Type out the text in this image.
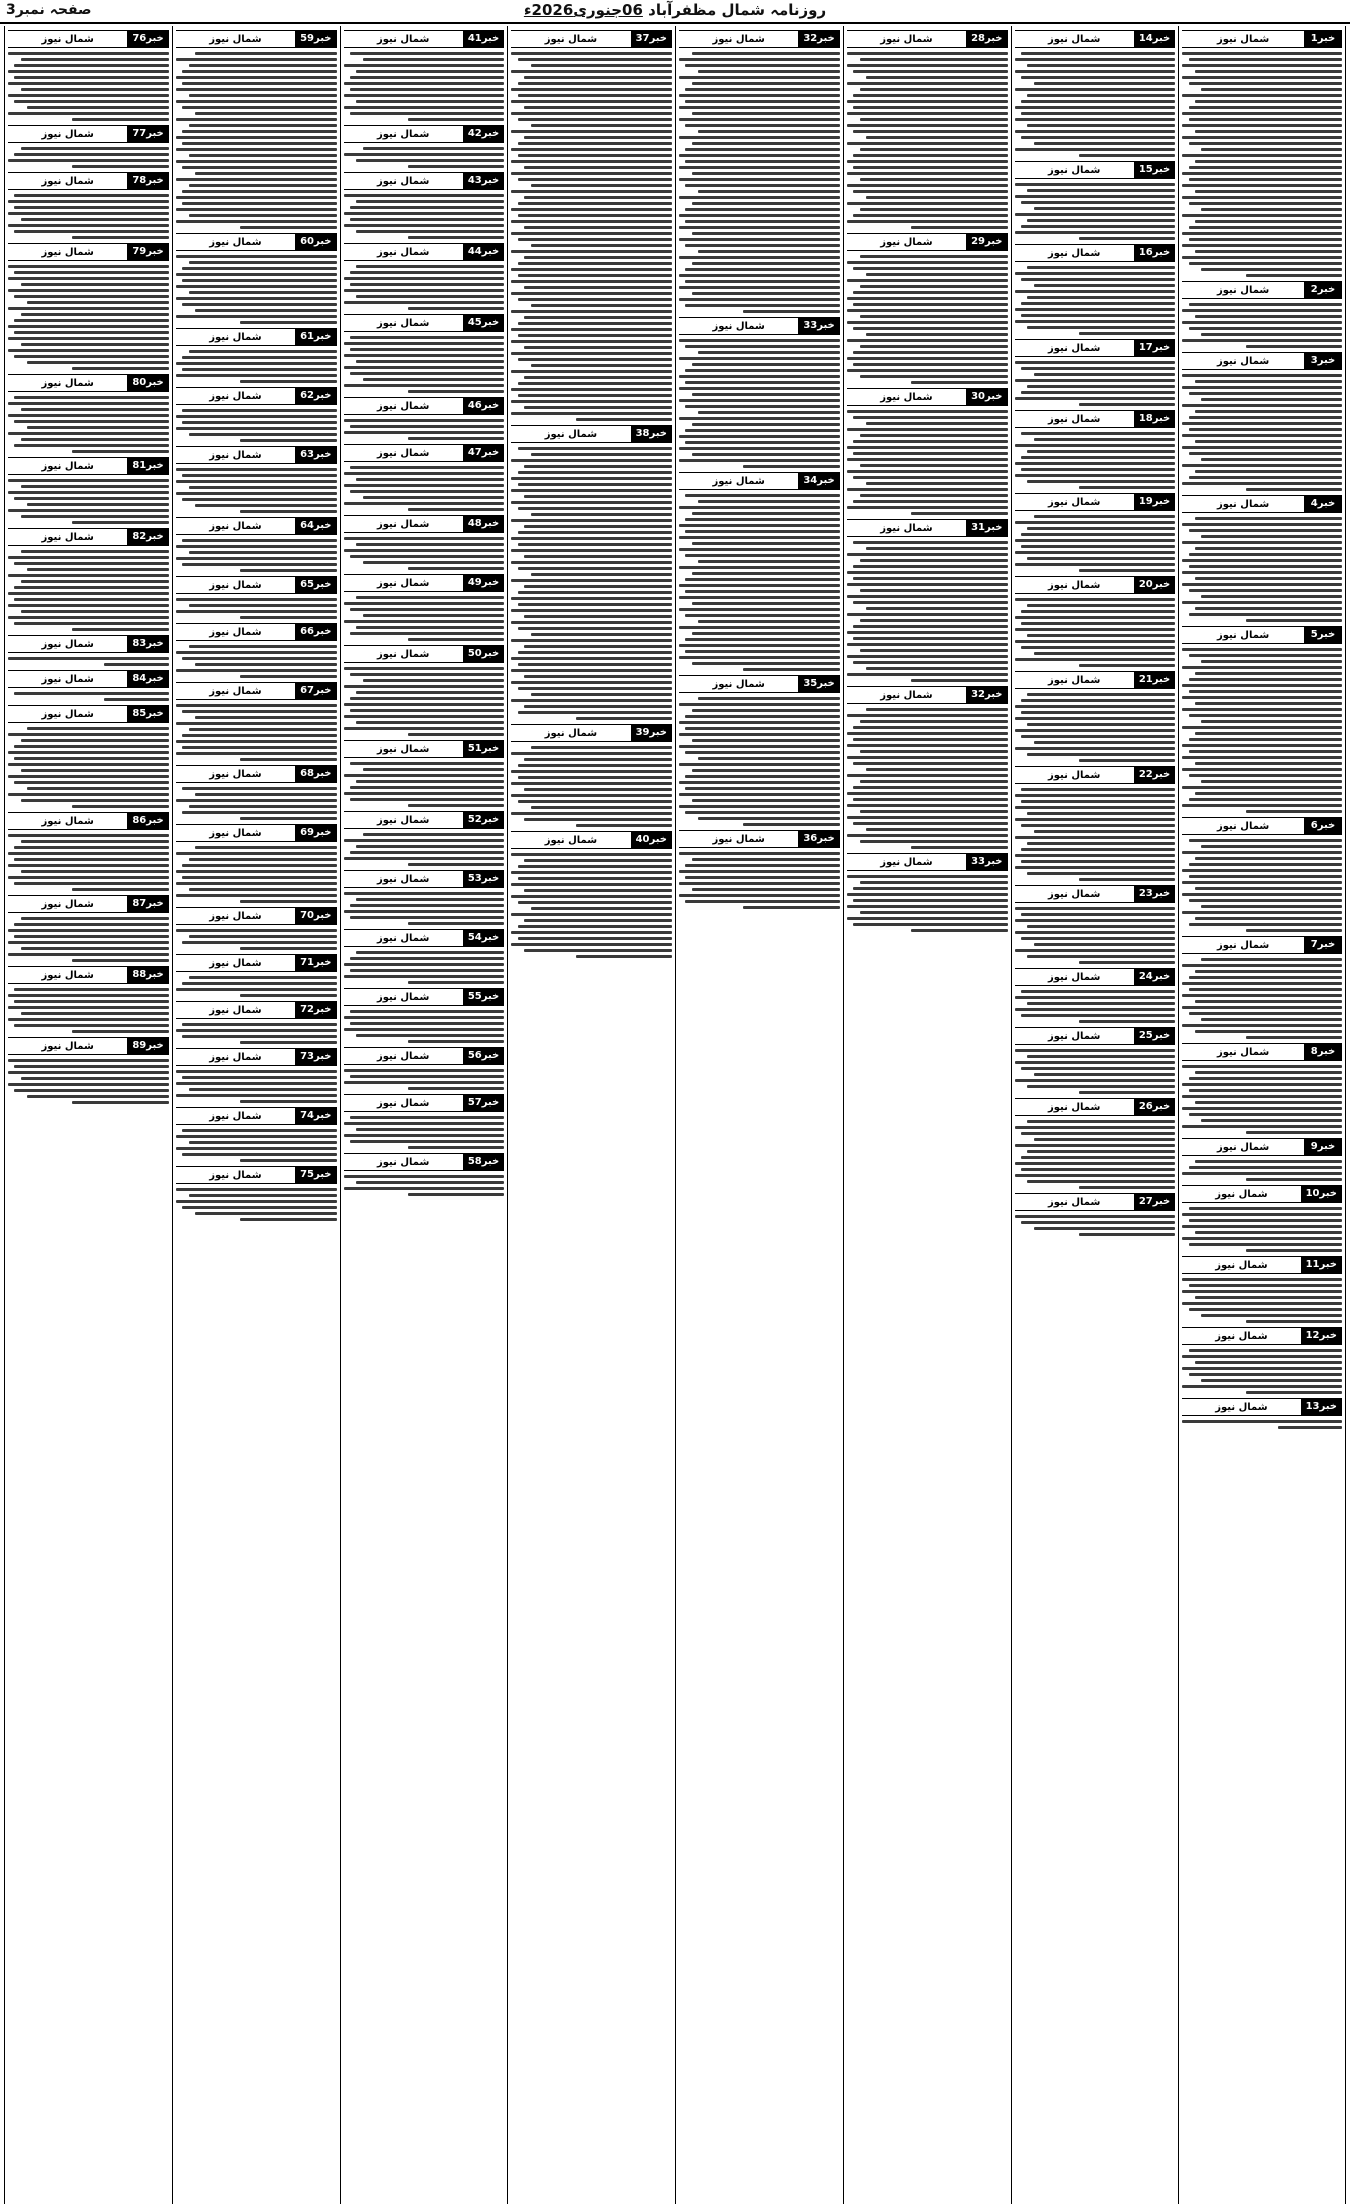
صفحہ نمبر3	روزنامہ شمال مظفرآباد 06جنوری2026ء
خبر1
شمال نیوز
خبر2
شمال نیوز
خبر3
شمال نیوز
خبر4
شمال نیوز
خبر5
شمال نیوز
خبر6
شمال نیوز
خبر7
شمال نیوز
خبر8
شمال نیوز
خبر9
شمال نیوز
خبر10
شمال نیوز
خبر11
شمال نیوز
خبر12
شمال نیوز
خبر13
شمال نیوز
خبر14
شمال نیوز
خبر15
شمال نیوز
خبر16
شمال نیوز
خبر17
شمال نیوز
خبر18
شمال نیوز
خبر19
شمال نیوز
خبر20
شمال نیوز
خبر21
شمال نیوز
خبر22
شمال نیوز
خبر23
شمال نیوز
خبر24
شمال نیوز
خبر25
شمال نیوز
خبر26
شمال نیوز
خبر27
شمال نیوز
خبر28
شمال نیوز
خبر29
شمال نیوز
خبر30
شمال نیوز
خبر31
شمال نیوز
خبر32
شمال نیوز
خبر33
شمال نیوز
خبر32
شمال نیوز
خبر33
شمال نیوز
خبر34
شمال نیوز
خبر35
شمال نیوز
خبر36
شمال نیوز
خبر37
شمال نیوز
خبر38
شمال نیوز
خبر39
شمال نیوز
خبر40
شمال نیوز
خبر41
شمال نیوز
خبر42
شمال نیوز
خبر43
شمال نیوز
خبر44
شمال نیوز
خبر45
شمال نیوز
خبر46
شمال نیوز
خبر47
شمال نیوز
خبر48
شمال نیوز
خبر49
شمال نیوز
خبر50
شمال نیوز
خبر51
شمال نیوز
خبر52
شمال نیوز
خبر53
شمال نیوز
خبر54
شمال نیوز
خبر55
شمال نیوز
خبر56
شمال نیوز
خبر57
شمال نیوز
خبر58
شمال نیوز
خبر59
شمال نیوز
خبر60
شمال نیوز
خبر61
شمال نیوز
خبر62
شمال نیوز
خبر63
شمال نیوز
خبر64
شمال نیوز
خبر65
شمال نیوز
خبر66
شمال نیوز
خبر67
شمال نیوز
خبر68
شمال نیوز
خبر69
شمال نیوز
خبر70
شمال نیوز
خبر71
شمال نیوز
خبر72
شمال نیوز
خبر73
شمال نیوز
خبر74
شمال نیوز
خبر75
شمال نیوز
خبر76
شمال نیوز
خبر77
شمال نیوز
خبر78
شمال نیوز
خبر79
شمال نیوز
خبر80
شمال نیوز
خبر81
شمال نیوز
خبر82
شمال نیوز
خبر83
شمال نیوز
خبر84
شمال نیوز
خبر85
شمال نیوز
خبر86
شمال نیوز
خبر87
شمال نیوز
خبر88
شمال نیوز
خبر89
شمال نیوز
